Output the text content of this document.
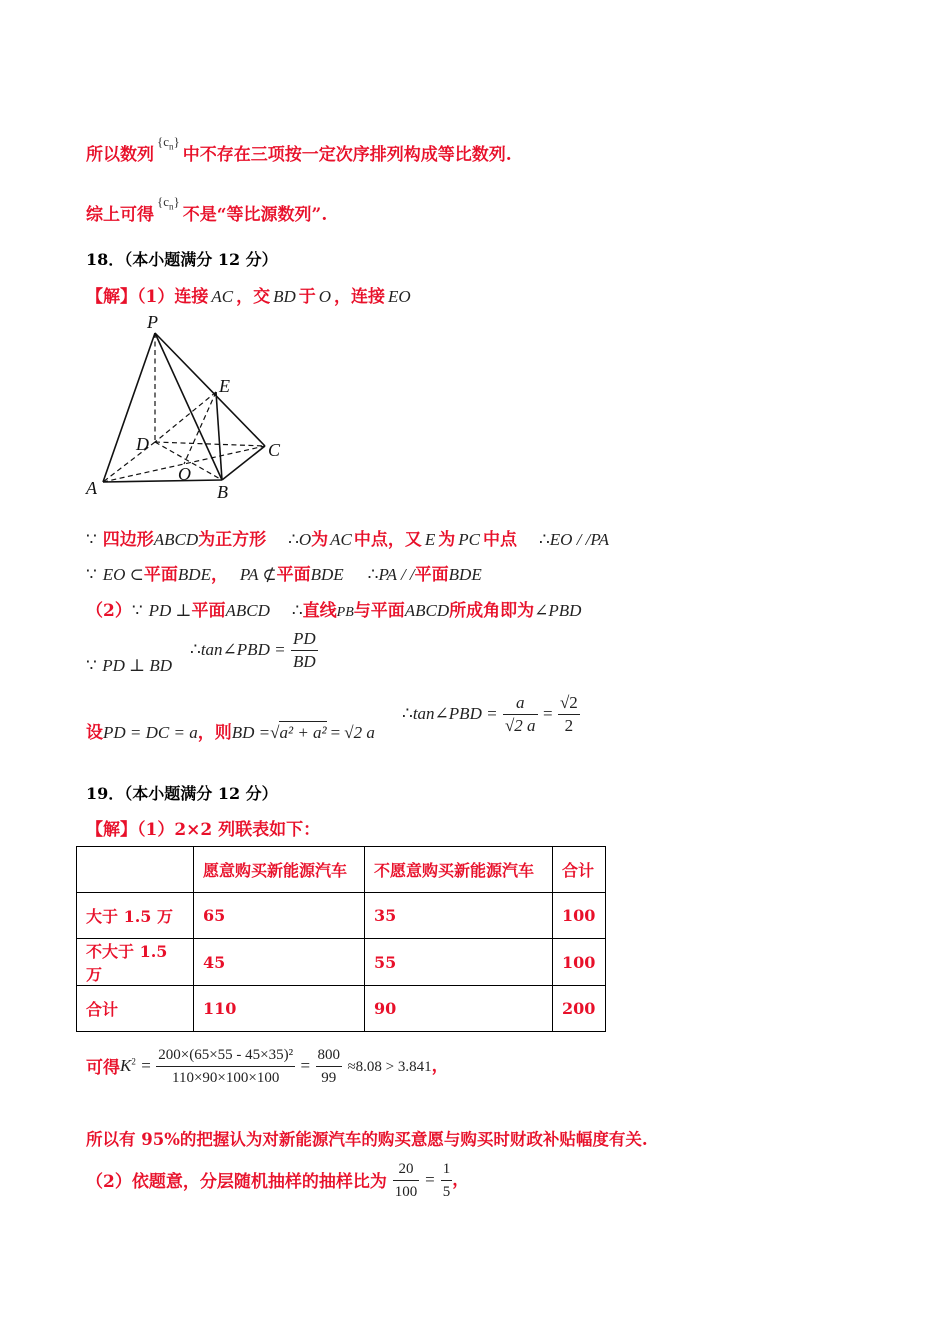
所以数列$^{\{c_n\}}$中不存在三项按一定次序排列构成等比数列.
综上可得$^{\{c_n\}}$不是“等比源数列”.
18．（本小题满分 12 分）
【解】（1）连接 AC ，交 BD 于 O ，连接 EO
P
E
D	C
O
A	B
∵ 四边形ABCD为正方形 ∴O为 AC 中点，又 E 为 PC 中点 ∴EO / /PA
∵ EO ⊂平面BDE， PA ⊄平面BDE ∴PA / /平面BDE
（2）∵ PD ⊥平面ABCD ∴直线PB与平面ABCD所成角即为∠PBD
∵ PD ⊥ BD
∴tan∠PBD = $\frac{PD}{BD}$
设PD = DC = a，则BD =√a² + a² = √2 a
∴tan∠PBD = $\frac{a}{√2 a} = \frac{√2}{2}$
19．（本小题满分 12 分）
【解】（1）2×2 列联表如下：
	愿意购买新能源汽车	不愿意购买新能源汽车	合计
大于 1.5 万	65	35	100
不大于 1.5 万	45	55	100
合计	110	90	200
可得$K^2 = \frac{\text{200×(65×55 - 45×35)²}}{110\times 90\times 100\times 100} = \frac{800}{99} \approx 8.08 > 3.841$，
所以有 95%的把握认为对新能源汽车的购买意愿与购买时财政补贴幅度有关.
（2）依题意，分层随机抽样的抽样比为 $\frac{20}{100} = \frac{1}{5}$ ，
